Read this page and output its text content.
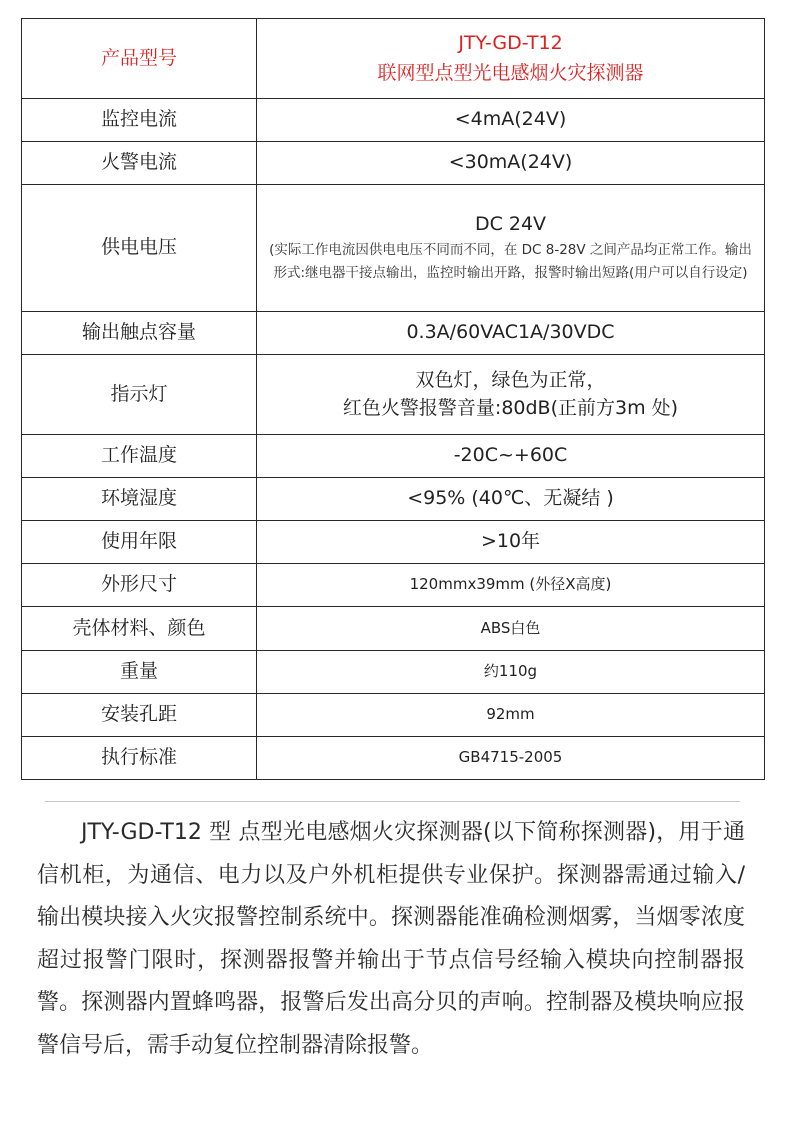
产品型号	JTY-GD-T12
联网型点型光电感烟火灾探测器

监控电流	<4mA(24V)
火警电流	<30mA(24V)
供电电压	DC 24V
(实际工作电流因供电电压不同而不同，在 DC 8-28V 之间产品均正常工作。输出形式:继电器干接点输出，监控时输出开路，报警时输出短路(用户可以自行设定)

输出触点容量	0.3A/60VAC1A/30VDC
指示灯	双色灯，绿色为正常，
红色火警报警音量:80dB(正前方3m 处)

工作温度	-20C~+60C
环境湿度	<95% (40℃、无凝结 )
使用年限	>10年
外形尺寸	120mmx39mm (外径X高度)
壳体材料、颜色	ABS白色
重量	约110g
安装孔距	92mm
执行标准	GB4715-2005

JTY-GD-T12 型 点型光电感烟火灾探测器(以下简称探测器)，用于通信机柜，为通信、电力以及户外机柜提供专业保护。探测器需通过输入/输出模块接入火灾报警控制系统中。探测器能准确检测烟雾，当烟零浓度超过报警门限时，探测器报警并输出于节点信号经输入模块向控制器报警。探测器内置蜂鸣器，报警后发出高分贝的声响。控制器及模块响应报警信号后，需手动复位控制器清除报警。
